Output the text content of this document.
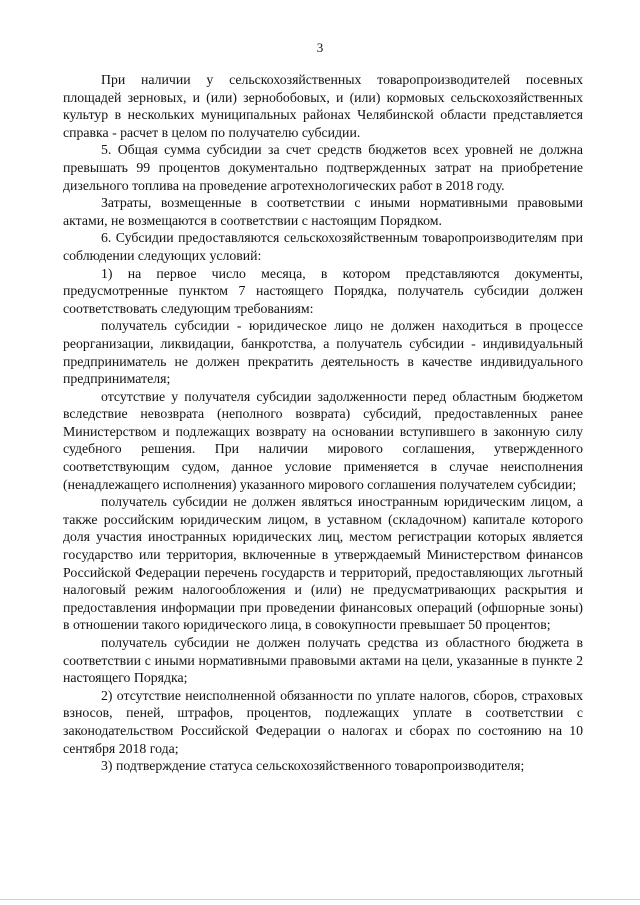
3

При наличии у сельскохозяйственных товаропроизводителей посевных площадей зерновых, и (или) зернобобовых, и (или) кормовых сельскохозяйственных культур в нескольких муниципальных районах Челябинской области представляется справка - расчет в целом по получателю субсидии.

5. Общая сумма субсидии за счет средств бюджетов всех уровней не должна превышать 99 процентов документально подтвержденных затрат на приобретение дизельного топлива на проведение агротехнологических работ в 2018 году.

Затраты, возмещенные в соответствии с иными нормативными правовыми актами, не возмещаются в соответствии с настоящим Порядком.

6. Субсидии предоставляются сельскохозяйственным товаропроизводителям при соблюдении следующих условий:

1) на первое число месяца, в котором представляются документы, предусмотренные пунктом 7 настоящего Порядка, получатель субсидии должен соответствовать следующим требованиям:

получатель субсидии - юридическое лицо не должен находиться в процессе реорганизации, ликвидации, банкротства, а получатель субсидии - индивидуальный предприниматель не должен прекратить деятельность в качестве индивидуального предпринимателя;

отсутствие у получателя субсидии задолженности перед областным бюджетом вследствие невозврата (неполного возврата) субсидий, предоставленных ранее Министерством и подлежащих возврату на основании вступившего в законную силу судебного решения. При наличии мирового соглашения, утвержденного соответствующим судом, данное условие применяется в случае неисполнения (ненадлежащего исполнения) указанного мирового соглашения получателем субсидии;

получатель субсидии не должен являться иностранным юридическим лицом, а также российским юридическим лицом, в уставном (складочном) капитале которого доля участия иностранных юридических лиц, местом регистрации которых является государство или территория, включенные в утверждаемый Министерством финансов Российской Федерации перечень государств и территорий, предоставляющих льготный налоговый режим налогообложения и (или) не предусматривающих раскрытия и предоставления информации при проведении финансовых операций (офшорные зоны) в отношении такого юридического лица, в совокупности превышает 50 процентов;

получатель субсидии не должен получать средства из областного бюджета в соответствии с иными нормативными правовыми актами на цели, указанные в пункте 2 настоящего Порядка;

2) отсутствие неисполненной обязанности по уплате налогов, сборов, страховых взносов, пеней, штрафов, процентов, подлежащих уплате в соответствии с законодательством Российской Федерации о налогах и сборах по состоянию на 10 сентября 2018 года;

3) подтверждение статуса сельскохозяйственного товаропроизводителя;
